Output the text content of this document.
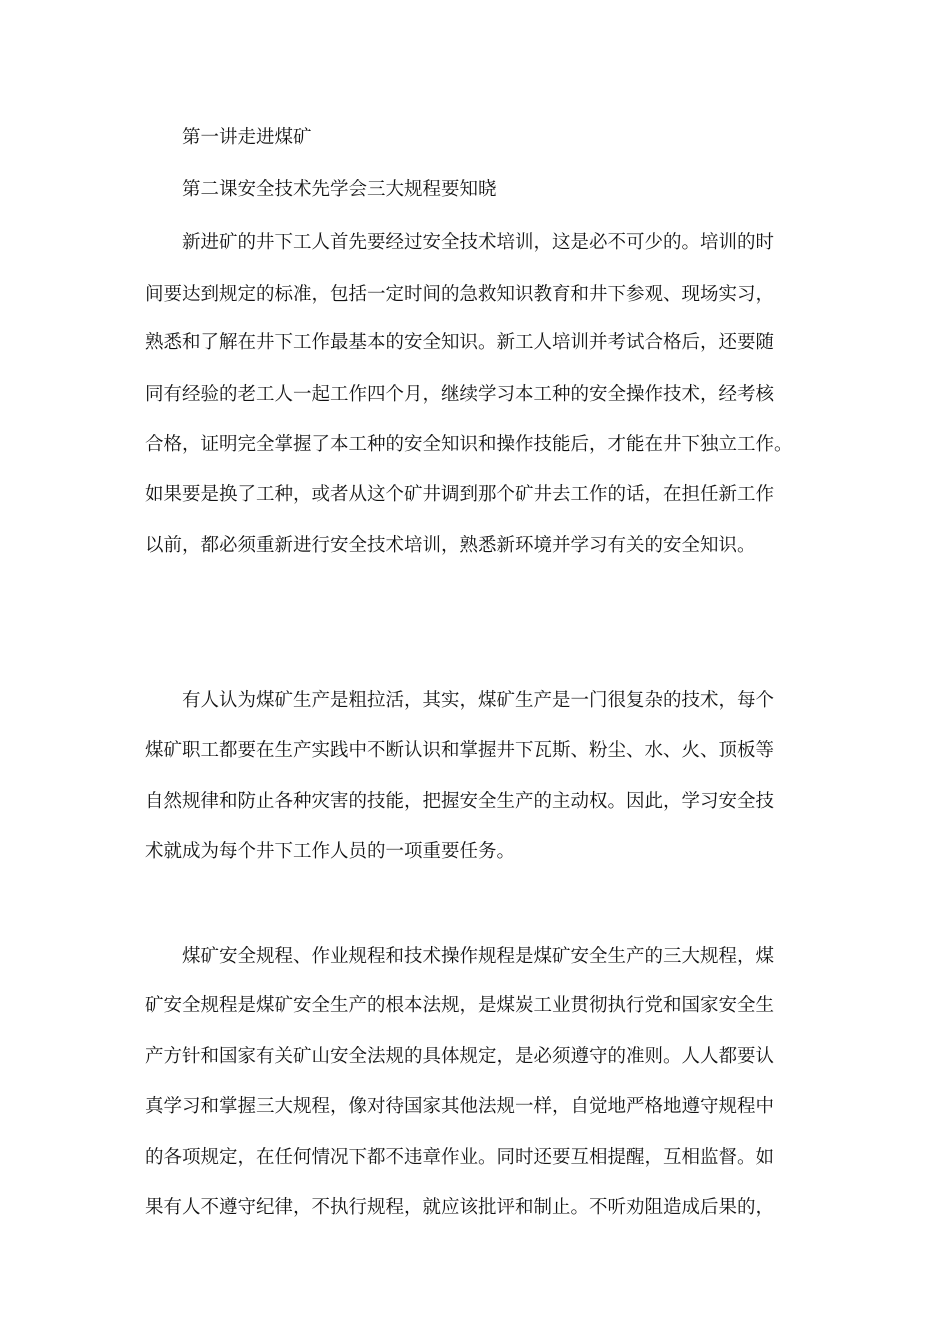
第一讲走进煤矿
第二课安全技术先学会三大规程要知晓
新进矿的井下工人首先要经过安全技术培训，这是必不可少的。培训的时
间要达到规定的标准，包括一定时间的急救知识教育和井下参观、现场实习，
熟悉和了解在井下工作最基本的安全知识。新工人培训并考试合格后，还要随
同有经验的老工人一起工作四个月，继续学习本工种的安全操作技术，经考核
合格，证明完全掌握了本工种的安全知识和操作技能后，才能在井下独立工作。
如果要是换了工种，或者从这个矿井调到那个矿井去工作的话，在担任新工作
以前，都必须重新进行安全技术培训，熟悉新环境并学习有关的安全知识。
有人认为煤矿生产是粗拉活，其实，煤矿生产是一门很复杂的技术，每个
煤矿职工都要在生产实践中不断认识和掌握井下瓦斯、粉尘、水、火、顶板等
自然规律和防止各种灾害的技能，把握安全生产的主动权。因此，学习安全技
术就成为每个井下工作人员的一项重要任务。
煤矿安全规程、作业规程和技术操作规程是煤矿安全生产的三大规程，煤
矿安全规程是煤矿安全生产的根本法规，是煤炭工业贯彻执行党和国家安全生
产方针和国家有关矿山安全法规的具体规定，是必须遵守的准则。人人都要认
真学习和掌握三大规程，像对待国家其他法规一样，自觉地严格地遵守规程中
的各项规定，在任何情况下都不违章作业。同时还要互相提醒，互相监督。如
果有人不遵守纪律，不执行规程，就应该批评和制止。不听劝阻造成后果的，
